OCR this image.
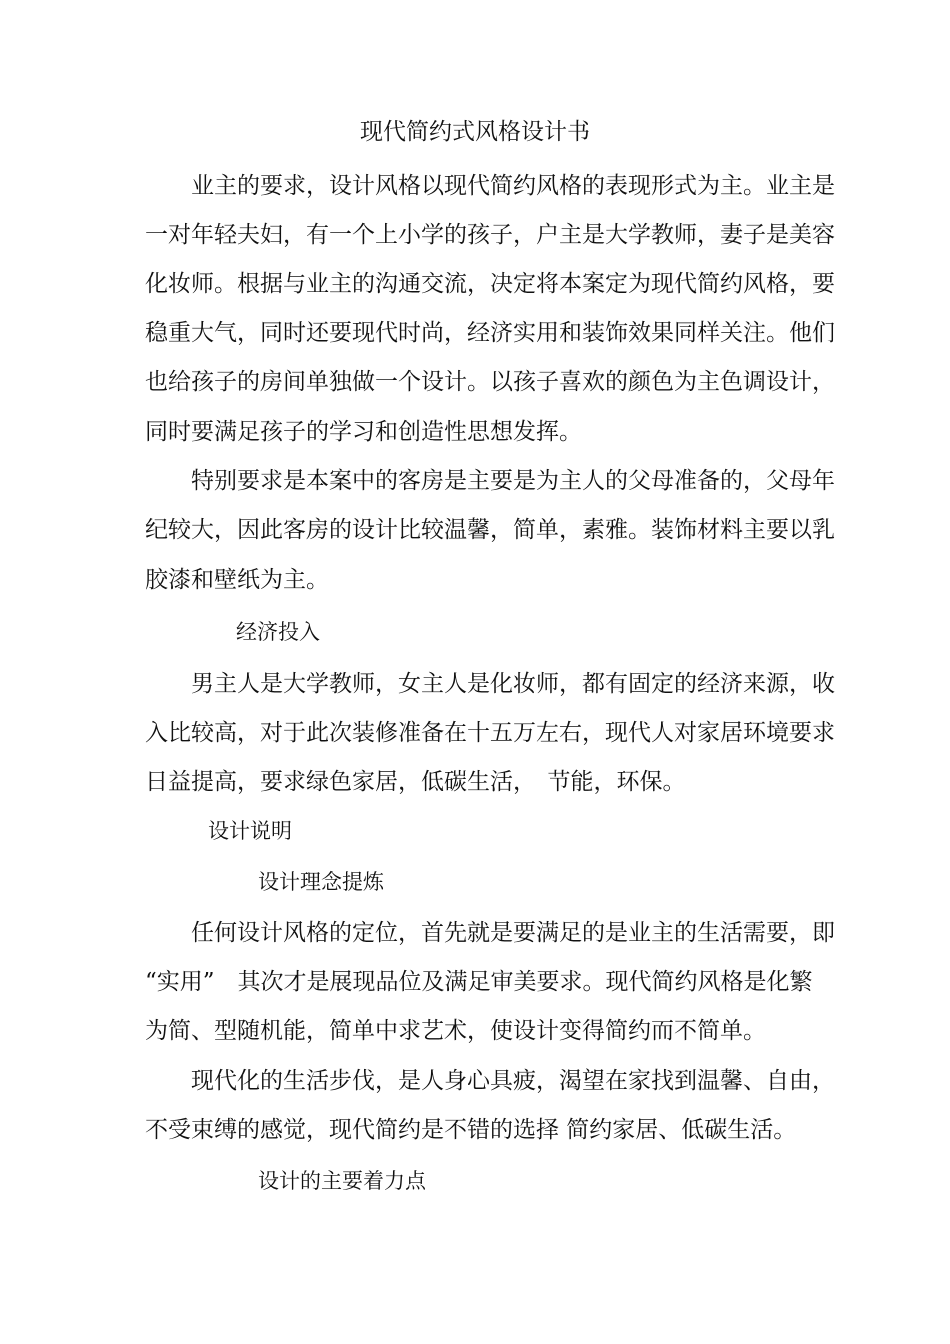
现代简约式风格设计书
业主的要求，设计风格以现代简约风格的表现形式为主。业主是
一对年轻夫妇，有一个上小学的孩子，户主是大学教师，妻子是美容
化妆师。根据与业主的沟通交流，决定将本案定为现代简约风格，要
稳重大气，同时还要现代时尚，经济实用和装饰效果同样关注。他们
也给孩子的房间单独做一个设计。以孩子喜欢的颜色为主色调设计，
同时要满足孩子的学习和创造性思想发挥。
特别要求是本案中的客房是主要是为主人的父母准备的，父母年
纪较大，因此客房的设计比较温馨，简单，素雅。装饰材料主要以乳
胶漆和壁纸为主。
经济投入
男主人是大学教师，女主人是化妆师，都有固定的经济来源，收
入比较高，对于此次装修准备在十五万左右，现代人对家居环境要求
日益提高，要求绿色家居，低碳生活，　节能，环保。
设计说明
设计理念提炼
任何设计风格的定位，首先就是要满足的是业主的生活需要，即
“实用”　其次才是展现品位及满足审美要求。现代简约风格是化繁
为简、型随机能，简单中求艺术，使设计变得简约而不简单。
现代化的生活步伐，是人身心具疲，渴望在家找到温馨、自由，
不受束缚的感觉，现代简约是不错的选择 简约家居、低碳生活。
设计的主要着力点
